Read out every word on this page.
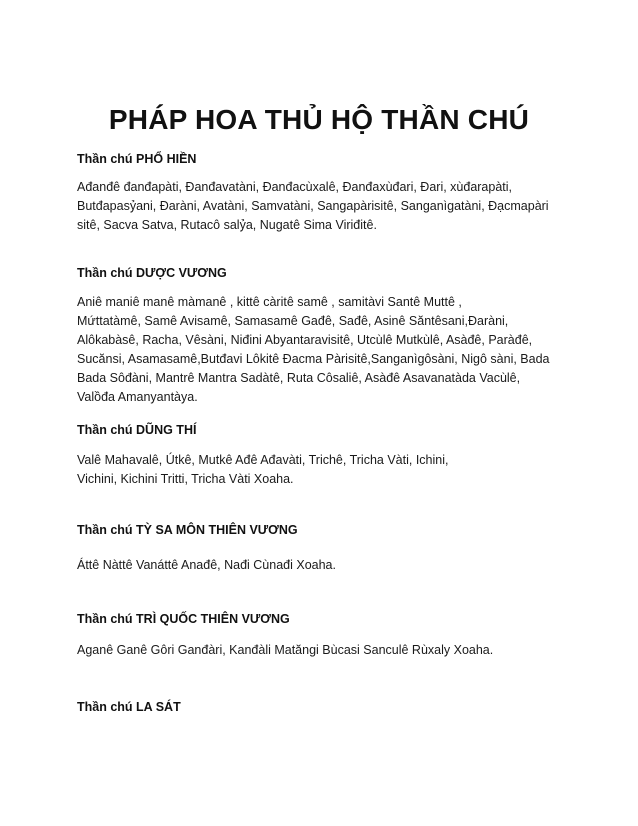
PHÁP HOA THỦ HỘ THẦN CHÚ
Thần chú PHỔ HIỀN
Ađanđê đanđapàti, Đanđavatàni, Đanđacùxalê, Đanđaxùđari, Đari, xùđarapàti,
Butđapasỷani, Đaràni, Avatàni, Samvatàni, Sangapàrisitê, Sanganìgatàni, Đạcmapàri
sitê, Sacva Satva, Rutacô salỷa, Nugatê Sima Viriđitê.
Thần chú DƯỢC VƯƠNG
Aniê maniê manê màmanê , kittê càritê samê , samitàvi Santê Muttê ,
Mứttatàmê, Samê Avisamê, Samasamê Gađê, Sađê, Asinê Săntêsani,Đaràni,
Alôkabàsê, Racha, Vêsàni, Niđini Abyantaravisitê, Utcùlê Mutkùlê, Asàđê, Paràđê,
Sucănsi, Asamasamê,Butđavi Lôkitê Đacma Pàrisitê,Sanganìgôsàni, Nigô sàni, Bada
Bada Sôđàni, Mantrê Mantra Sadàtê, Ruta Côsaliê, Asàđê Asavanatàda Vacùlê,
Valồđa Amanyantàya.
Thần chú DŨNG THÍ
Valê Mahavalê, Útkê, Mutkê Ađê Ađavàti, Trichê, Tricha Vàti, Ichini,
Vichini, Kichini Tritti, Tricha Vàti Xoaha.
Thần chú TỲ SA MÔN THIÊN VƯƠNG
Áttê Nàttê Vanáttê Anađê, Nađi Cùnađi Xoaha.
Thần chú TRÌ QUỐC THIÊN VƯƠNG
Aganê Ganê Gôri Ganđàri, Kanđàli Matăngi Bùcasi Sanculê Rùxaly Xoaha.
Thần chú LA SÁT
